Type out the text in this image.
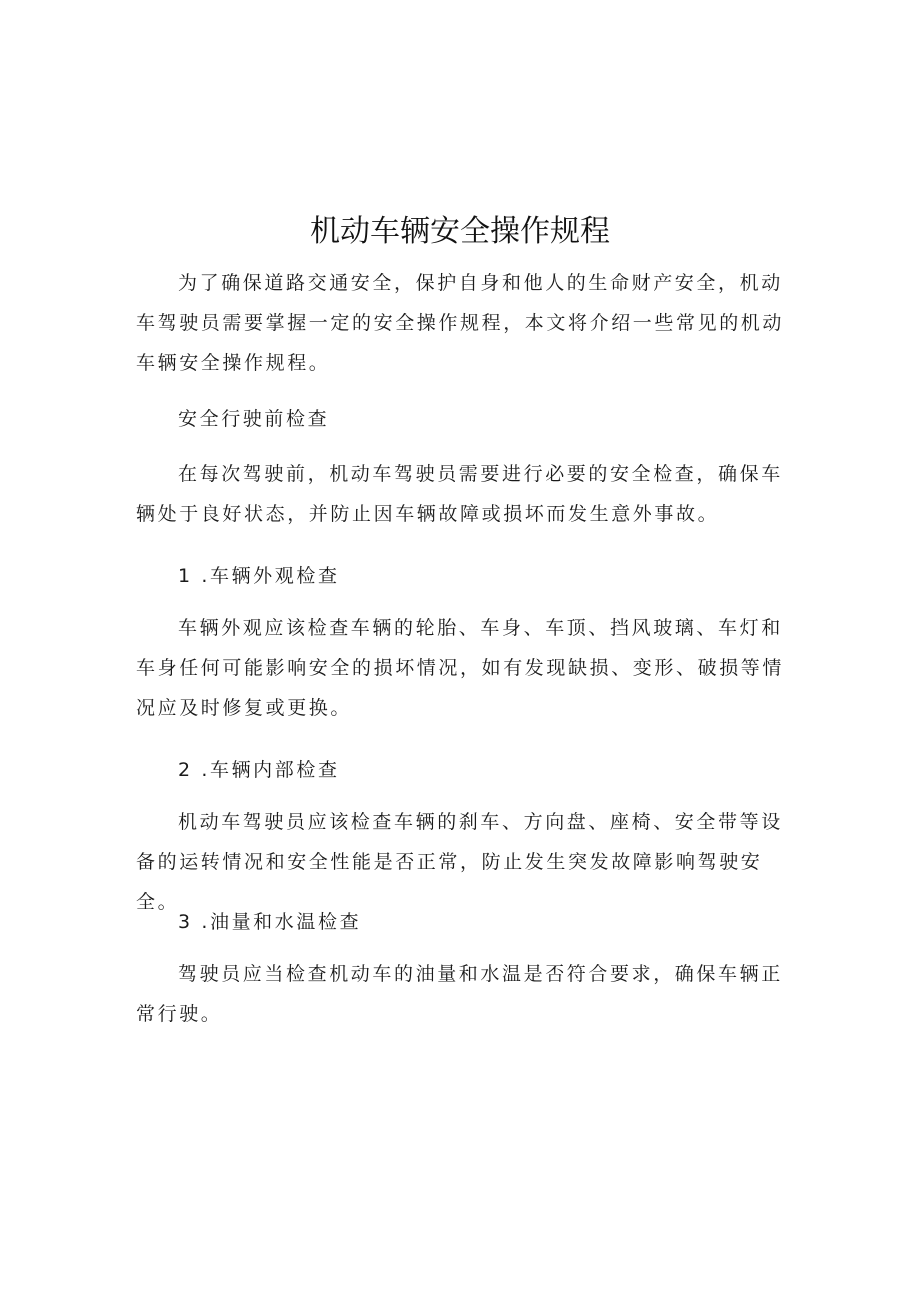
机动车辆安全操作规程

为了确保道路交通安全，保护自身和他人的生命财产安全，机动车驾驶员需要掌握一定的安全操作规程，本文将介绍一些常见的机动车辆安全操作规程。

安全行驶前检查

在每次驾驶前，机动车驾驶员需要进行必要的安全检查，确保车辆处于良好状态，并防止因车辆故障或损坏而发生意外事故。

1 .车辆外观检查

车辆外观应该检查车辆的轮胎、车身、车顶、挡风玻璃、车灯和车身任何可能影响安全的损坏情况，如有发现缺损、变形、破损等情况应及时修复或更换。

2 .车辆内部检查

机动车驾驶员应该检查车辆的刹车、方向盘、座椅、安全带等设备的运转情况和安全性能是否正常，防止发生突发故障影响驾驶安全。

3 .油量和水温检查

驾驶员应当检查机动车的油量和水温是否符合要求，确保车辆正常行驶。
